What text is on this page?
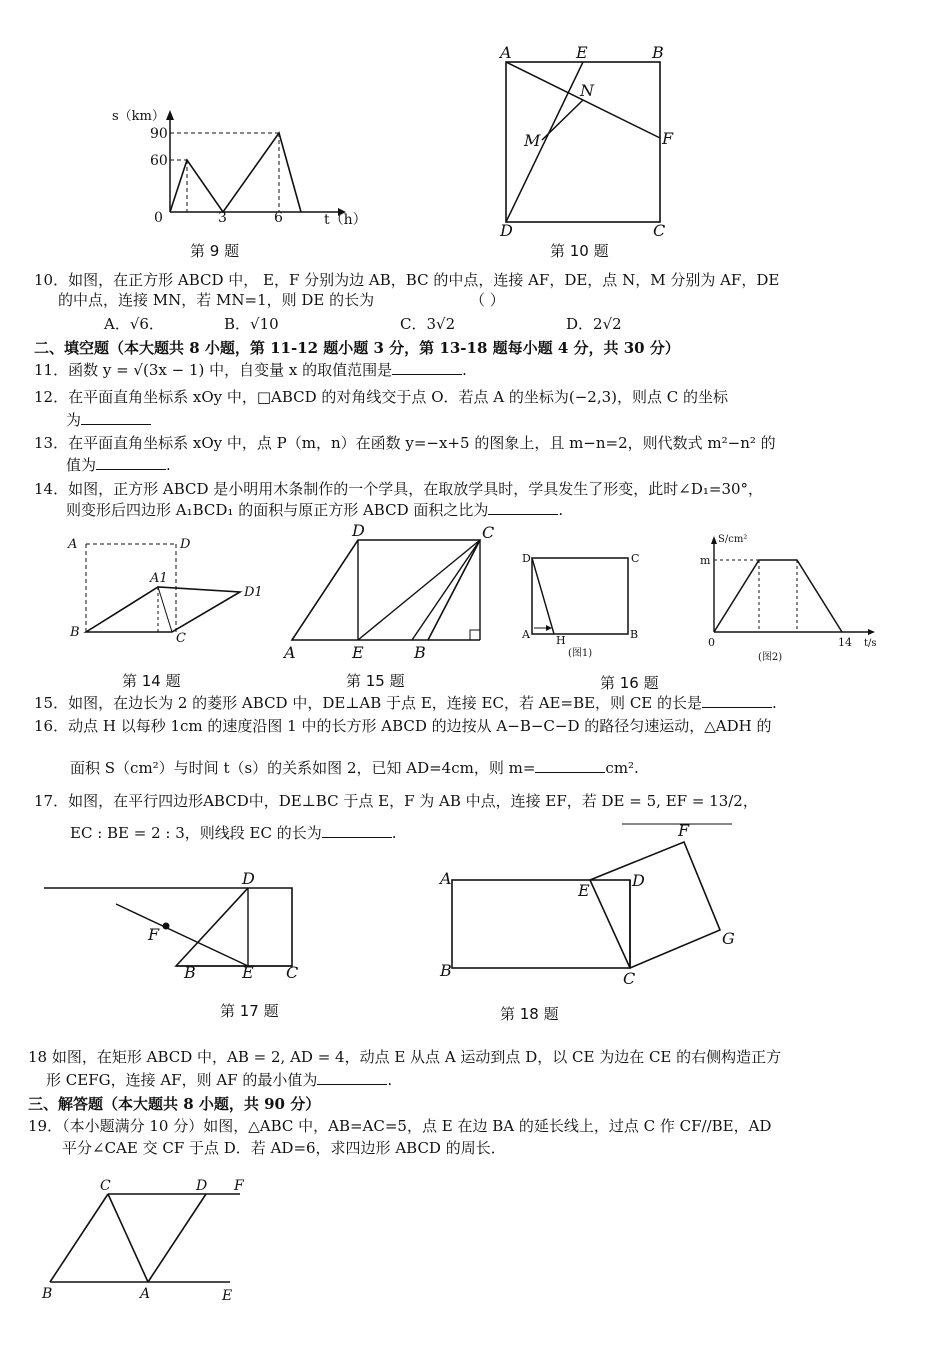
s（km）
90
60
0	3	6	t（h）
第 9 题
A	E	B
N
M	F
D	C
第 10 题
10．如图，在正方形 ABCD 中， E，F 分别为边 AB，BC 的中点，连接 AF，DE，点 N，M 分别为 AF，DE
的中点，连接 MN，若 MN=1，则 DE 的长为	（ ）
A．√6．	B．√10	C．3√2	D．2√2
二、填空题（本大题共 8 小题，第 11-12 题小题 3 分，第 13-18 题每小题 4 分，共 30 分）
11．函数 y = √(3x − 1) 中，自变量 x 的取值范围是	.
12．在平面直角坐标系 xOy 中，□ABCD 的对角线交于点 O．若点 A 的坐标为(−2,3)，则点 C 的坐标
为
13．在平面直角坐标系 xOy 中，点 P（m，n）在函数 y=−x+5 的图象上，且 m−n=2，则代数式 m²−n² 的
值为	.
14．如图，正方形 ABCD 是小明用木条制作的一个学具，在取放学具时，学具发生了形变，此时∠D₁=30°，
则变形后四边形 A₁BCD₁ 的面积与原正方形 ABCD 面积之比为	.
A	D
A1
D1
B	C
第 14 题
D	C
A	E	B
第 15 题
D	C
A H	B
(图1)
S/cm²
m
0	14 t/s
(图2)
第 16 题
15．如图，在边长为 2 的菱形 ABCD 中，DE⊥AB 于点 E，连接 EC，若 AE=BE，则 CE 的长是	.
16．动点 H 以每秒 1cm 的速度沿图 1 中的长方形 ABCD 的边按从 A−B−C−D 的路径匀速运动，△ADH 的
面积 S（cm²）与时间 t（s）的关系如图 2，已知 AD=4cm，则 m=	cm².
17．如图，在平行四边形ABCD中，DE⊥BC 于点 E，F 为 AB 中点，连接 EF，若 DE = 5, EF = 13/2，
EC : BE = 2 : 3，则线段 EC 的长为	.
D
F
B	E C
第 17 题
A
E
D
F
G
B	C
第 18 题
18 如图，在矩形 ABCD 中，AB = 2, AD = 4，动点 E 从点 A 运动到点 D，以 CE 为边在 CE 的右侧构造正方
形 CEFG，连接 AF，则 AF 的最小值为	.
三、解答题（本大题共 8 小题，共 90 分）
19．（本小题满分 10 分）如图，△ABC 中，AB=AC=5，点 E 在边 BA 的延长线上，过点 C 作 CF//BE，AD
平分∠CAE 交 CF 于点 D．若 AD=6，求四边形 ABCD 的周长．
C	D F
B	A	E
